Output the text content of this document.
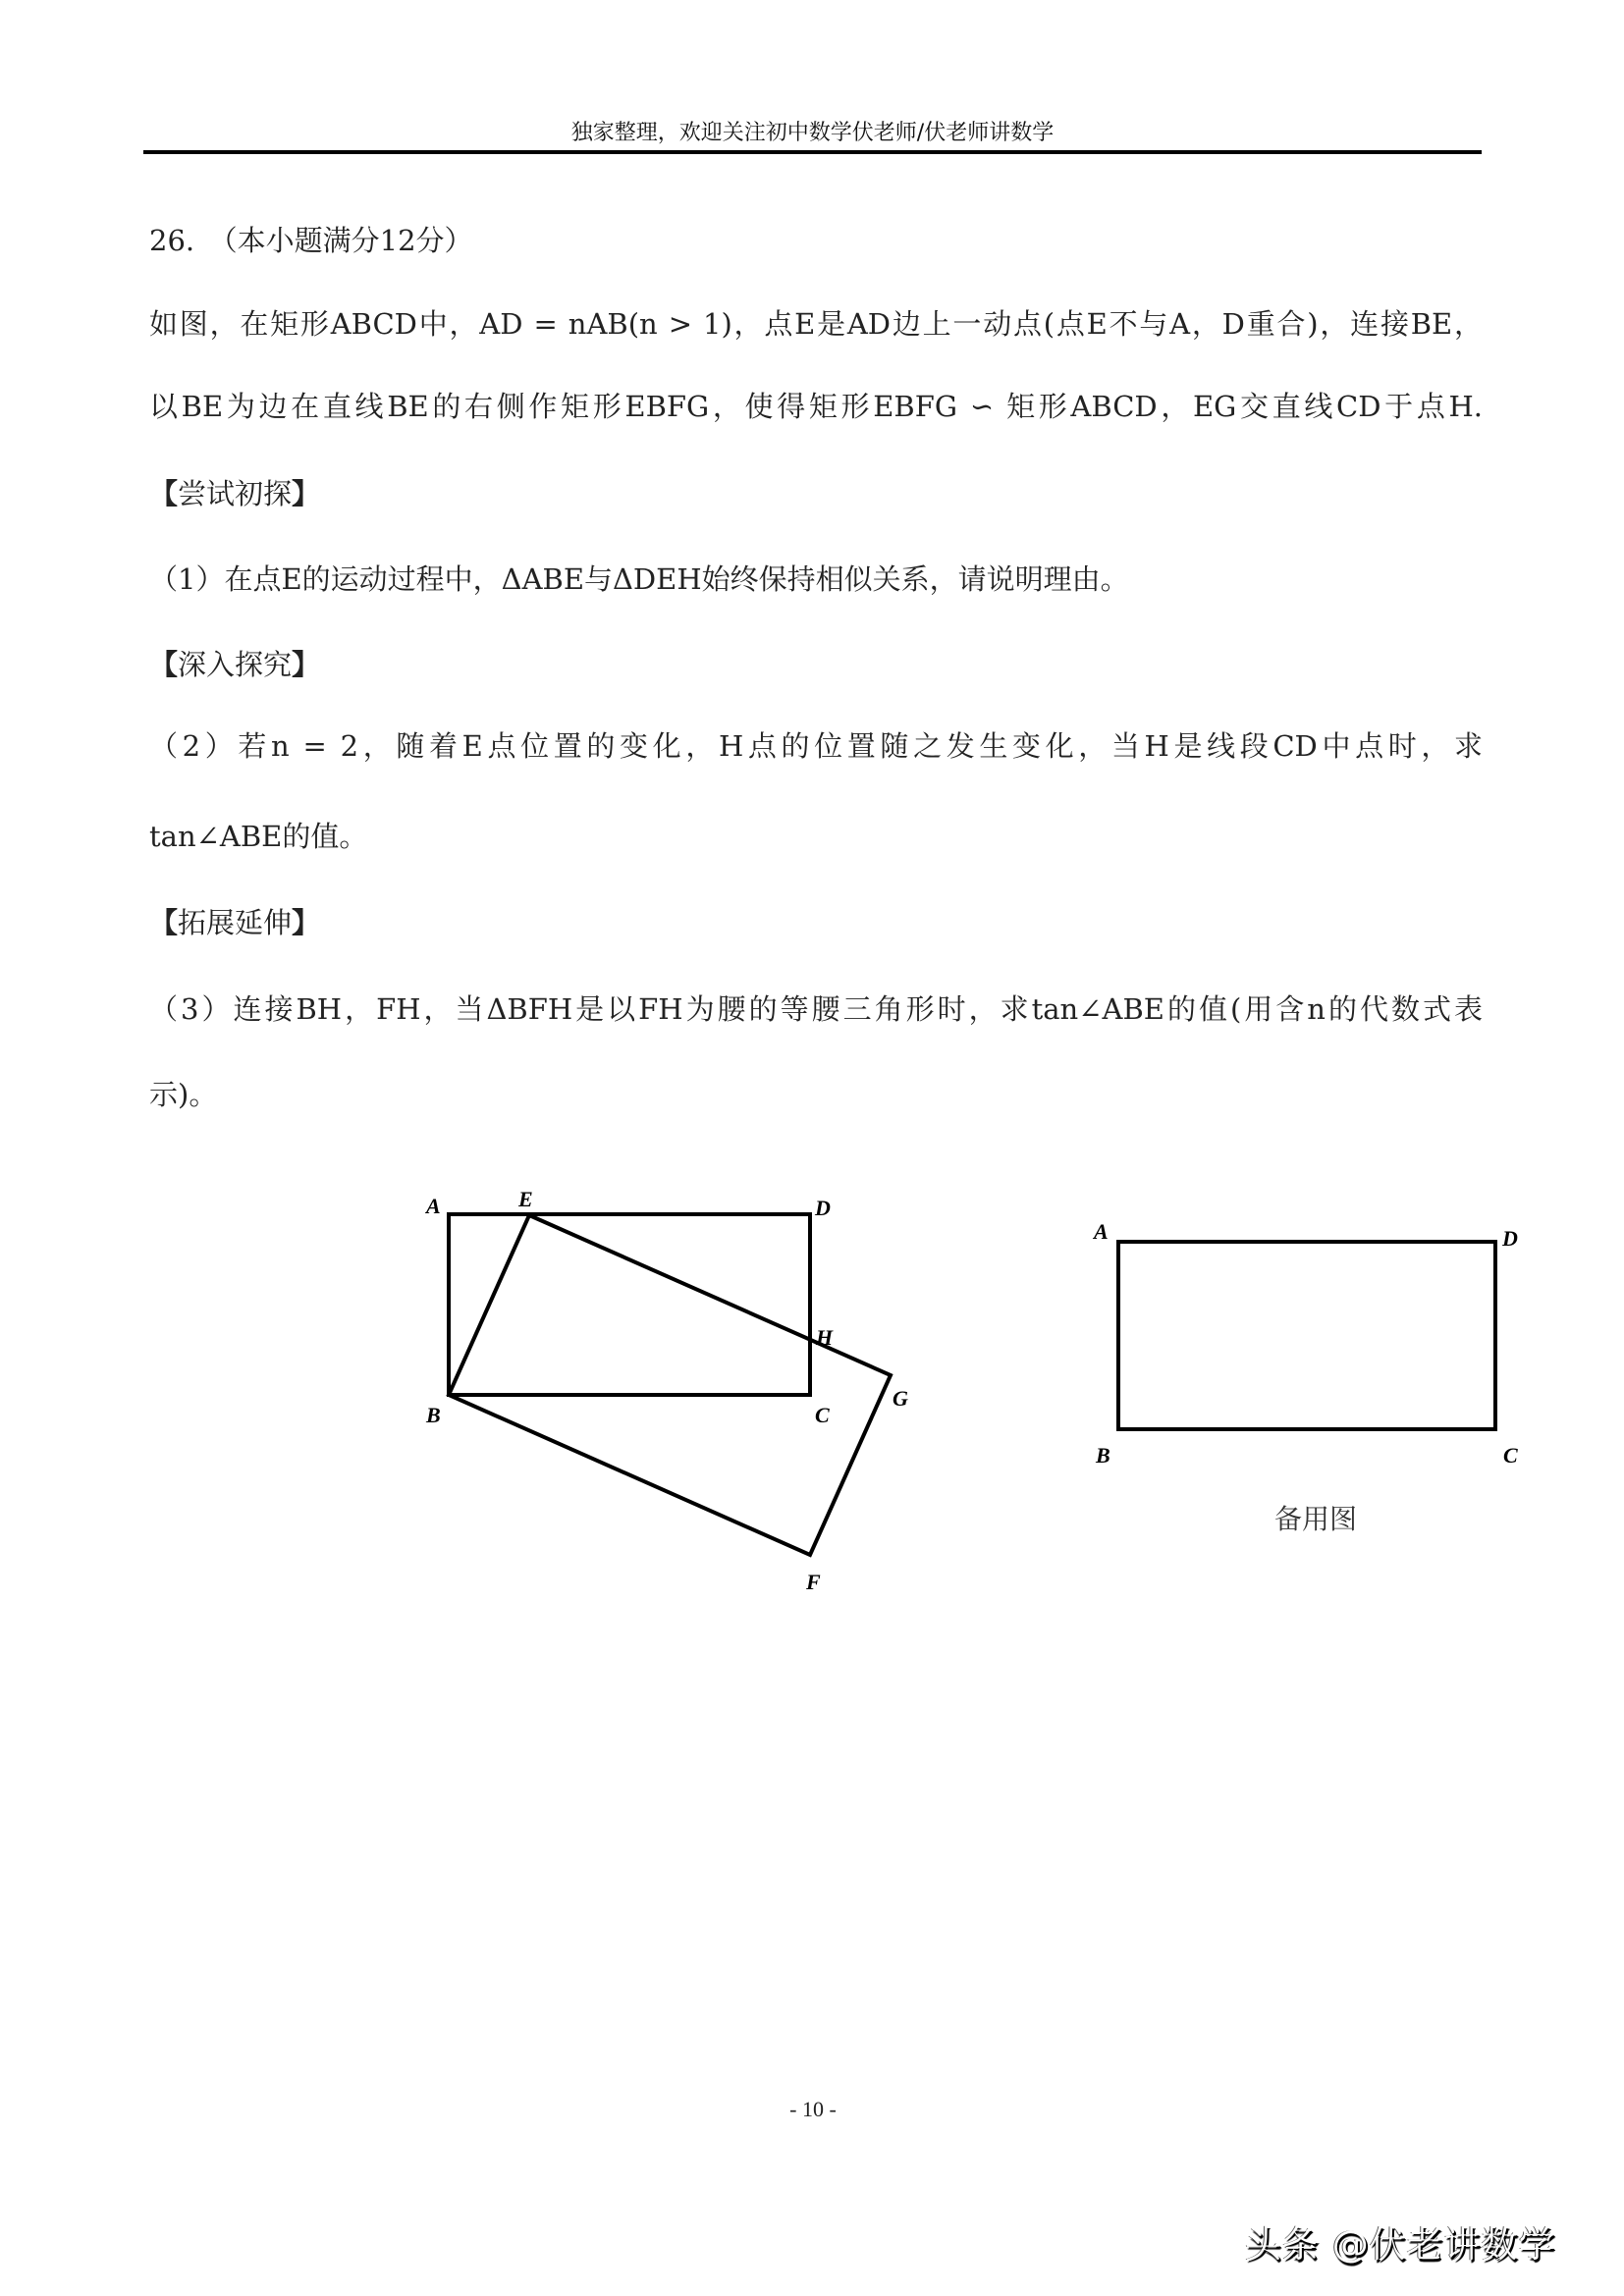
独家整理，欢迎关注初中数学伏老师/伏老师讲数学
26.　（本小题满分12分）
如图，在矩形ABCD中，AD = nAB(n > 1)，点E是AD边上一动点(点E不与A，D重合)，连接BE，
以BE为边在直线BE的右侧作矩形EBFG，使得矩形EBFG ∽ 矩形ABCD，EG交直线CD于点H.
【尝试初探】
（1）在点E的运动过程中，ΔABE与ΔDEH始终保持相似关系，请说明理由。
【深入探究】
（2）若n = 2，随着E点位置的变化，H点的位置随之发生变化，当H是线段CD中点时，求
tan∠ABE的值。
【拓展延伸】
（3）连接BH，FH，当ΔBFH是以FH为腰的等腰三角形时，求tan∠ABE的值(用含n的代数式表
示)。
A	E	D
H
G
B	C
F
A	D
B	C
备用图
- 10 -
头条 @伏老讲数学
